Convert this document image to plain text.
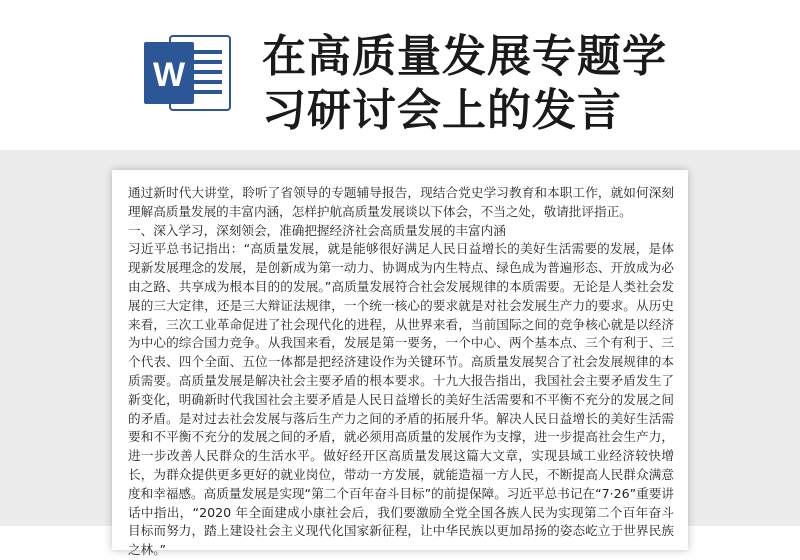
W 在高质量发展专题学
习研讨会上的发言

通过新时代大讲堂，聆听了省领导的专题辅导报告，现结合党史学习教育和本职工作，就如何深刻理解高质量发展的丰富内涵，怎样护航高质量发展谈以下体会，不当之处，敬请批评指正。

一、深入学习，深刻领会，准确把握经济社会高质量发展的丰富内涵

习近平总书记指出：“高质量发展，就是能够很好满足人民日益增长的美好生活需要的发展，是体现新发展理念的发展，是创新成为第一动力、协调成为内生特点、绿色成为普遍形态、开放成为必由之路、共享成为根本目的的发展。”高质量发展符合社会发展规律的本质需要。无论是人类社会发展的三大定律，还是三大辩证法规律，一个统一核心的要求就是对社会发展生产力的要求。从历史来看，三次工业革命促进了社会现代化的进程，从世界来看，当前国际之间的竞争核心就是以经济为中心的综合国力竞争。从我国来看，发展是第一要务，一个中心、两个基本点、三个有利于、三个代表、四个全面、五位一体都是把经济建设作为关键环节。高质量发展契合了社会发展规律的本质需要。高质量发展是解决社会主要矛盾的根本要求。十九大报告指出，我国社会主要矛盾发生了新变化，明确新时代我国社会主要矛盾是人民日益增长的美好生活需要和不平衡不充分的发展之间的矛盾。是对过去社会发展与落后生产力之间的矛盾的拓展升华。解决人民日益增长的美好生活需要和不平衡不充分的发展之间的矛盾，就必须用高质量的发展作为支撑，进一步提高社会生产力，进一步改善人民群众的生活水平。做好经开区高质量发展这篇大文章，实现县域工业经济较快增长，为群众提供更多更好的就业岗位，带动一方发展，就能造福一方人民，不断提高人民群众满意度和幸福感。高质量发展是实现“第二个百年奋斗目标”的前提保障。习近平总书记在“7·26”重要讲话中指出，“2020 年全面建成小康社会后，我们要激励全党全国各族人民为实现第二个百年奋斗目标而努力，踏上建设社会主义现代化国家新征程，让中华民族以更加昂扬的姿态屹立于世界民族之林。”
